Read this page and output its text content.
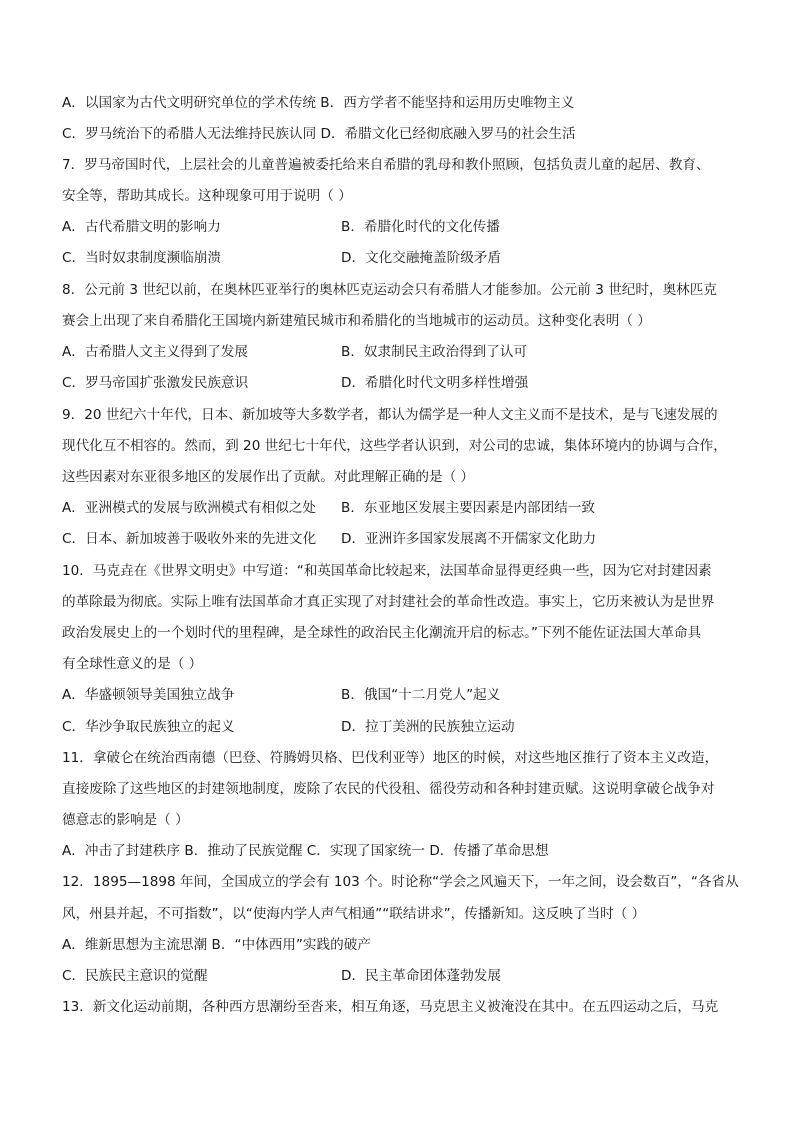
A．以国家为古代文明研究单位的学术传统 B．西方学者不能坚持和运用历史唯物主义
C．罗马统治下的希腊人无法维持民族认同 D．希腊文化已经彻底融入罗马的社会生活
7．罗马帝国时代，上层社会的儿童普遍被委托给来自希腊的乳母和教仆照顾，包括负责儿童的起居、教育、
安全等，帮助其成长。这种现象可用于说明（ ）
A．古代希腊文明的影响力	B．希腊化时代的文化传播
C．当时奴隶制度濒临崩溃	D．文化交融掩盖阶级矛盾
8．公元前 3 世纪以前，在奥林匹亚举行的奥林匹克运动会只有希腊人才能参加。公元前 3 世纪时，奥林匹克
赛会上出现了来自希腊化王国境内新建殖民城市和希腊化的当地城市的运动员。这种变化表明（ ）
A．古希腊人文主义得到了发展	B．奴隶制民主政治得到了认可
C．罗马帝国扩张激发民族意识	D．希腊化时代文明多样性增强
9．20 世纪六十年代，日本、新加坡等大多数学者，都认为儒学是一种人文主义而不是技术，是与飞速发展的
现代化互不相容的。然而，到 20 世纪七十年代，这些学者认识到，对公司的忠诚，集体环境内的协调与合作，
这些因素对东亚很多地区的发展作出了贡献。对此理解正确的是（ ）
A．亚洲模式的发展与欧洲模式有相似之处 B．东亚地区发展主要因素是内部团结一致
C．日本、新加坡善于吸收外来的先进文化 D．亚洲许多国家发展离不开儒家文化助力
10．马克垚在《世界文明史》中写道：“和英国革命比较起来，法国革命显得更经典一些，因为它对封建因素
的革除最为彻底。实际上唯有法国革命才真正实现了对封建社会的革命性改造。事实上，它历来被认为是世界
政治发展史上的一个划时代的里程碑，是全球性的政治民主化潮流开启的标志。”下列不能佐证法国大革命具
有全球性意义的是（ ）
A．华盛顿领导美国独立战争	B．俄国“十二月党人”起义
C．华沙争取民族独立的起义	D．拉丁美洲的民族独立运动
11．拿破仑在统治西南德（巴登、符腾姆贝格、巴伐利亚等）地区的时候，对这些地区推行了资本主义改造，
直接废除了这些地区的封建领地制度，废除了农民的代役租、徭役劳动和各种封建贡赋。这说明拿破仑战争对
德意志的影响是（ ）
A．冲击了封建秩序 B．推动了民族觉醒 C．实现了国家统一 D．传播了革命思想
12．1895—1898 年间，全国成立的学会有 103 个。时论称“学会之风遍天下，一年之间，设会数百”，“各省从
风，州县并起，不可指数”，以“使海内学人声气相通”“联结讲求”，传播新知。这反映了当时（ ）
A．维新思想为主流思潮 B．“中体西用”实践的破产
C．民族民主意识的觉醒	D．民主革命团体蓬勃发展
13．新文化运动前期，各种西方思潮纷至沓来，相互角逐，马克思主义被淹没在其中。在五四运动之后，马克
